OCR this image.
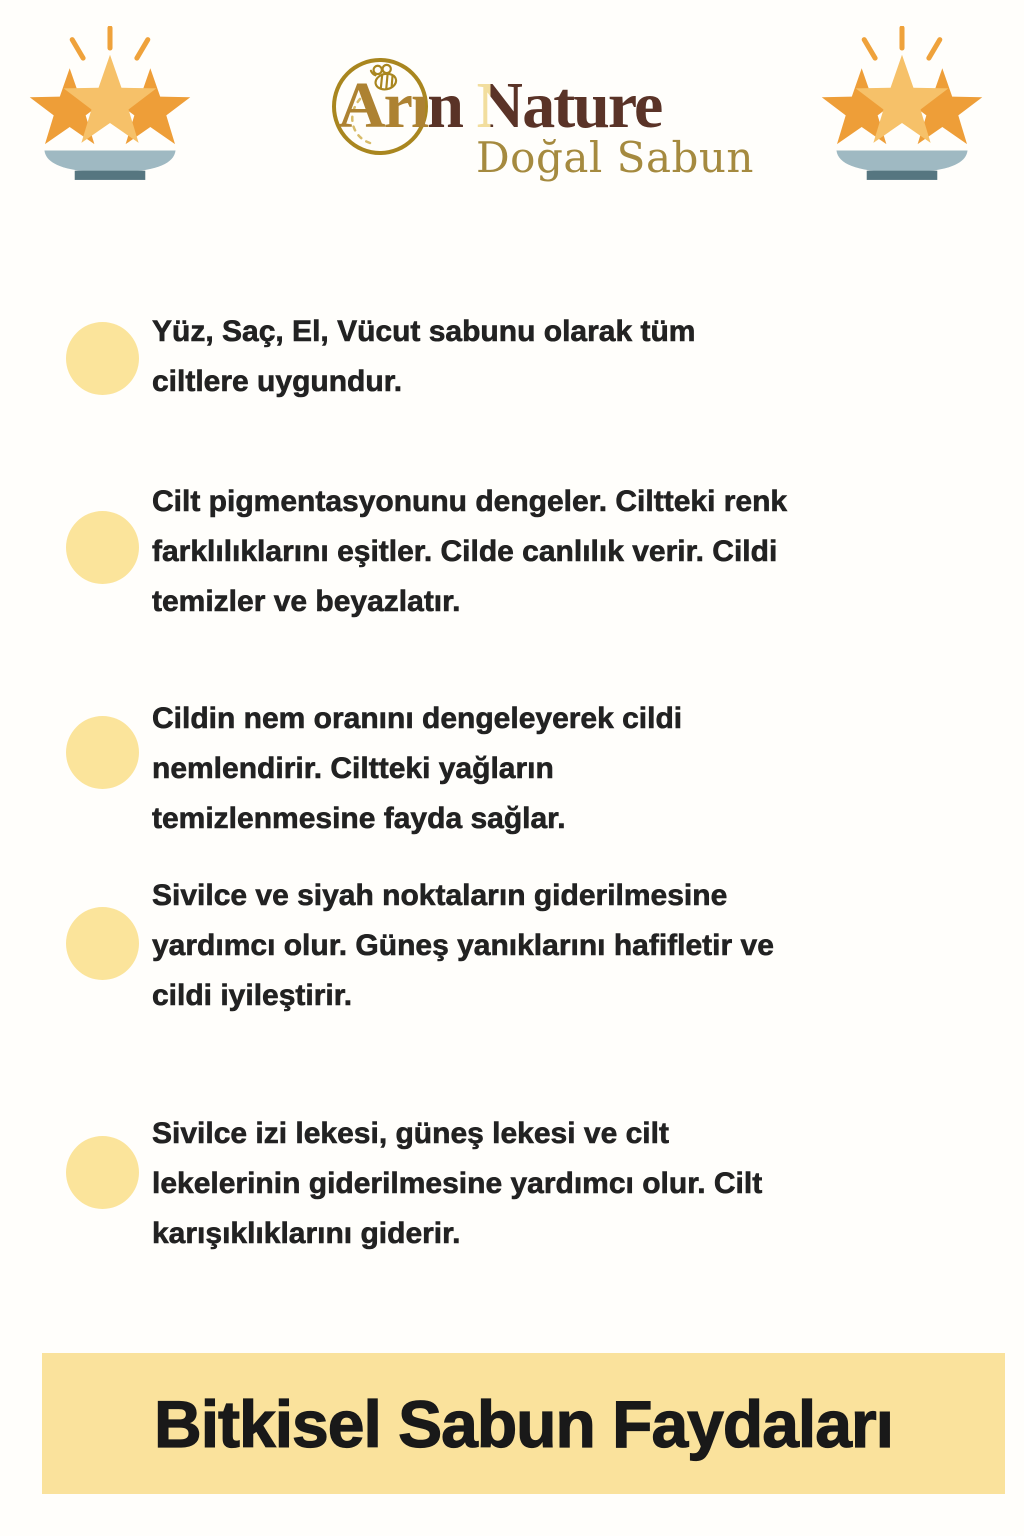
Arın Nature
Doğal Sabun
Yüz, Saç, El, Vücut sabunu olarak tüm
ciltlere uygundur.
Cilt pigmentasyonunu dengeler. Ciltteki renk
farklılıklarını eşitler. Cilde canlılık verir. Cildi
temizler ve beyazlatır.
Cildin nem oranını dengeleyerek cildi
nemlendirir. Ciltteki yağların
temizlenmesine fayda sağlar.
Sivilce ve siyah noktaların giderilmesine
yardımcı olur. Güneş yanıklarını hafifletir ve
cildi iyileştirir.
Sivilce izi lekesi, güneş lekesi ve cilt
lekelerinin giderilmesine yardımcı olur. Cilt
karışıklıklarını giderir.
Bitkisel Sabun Faydaları
